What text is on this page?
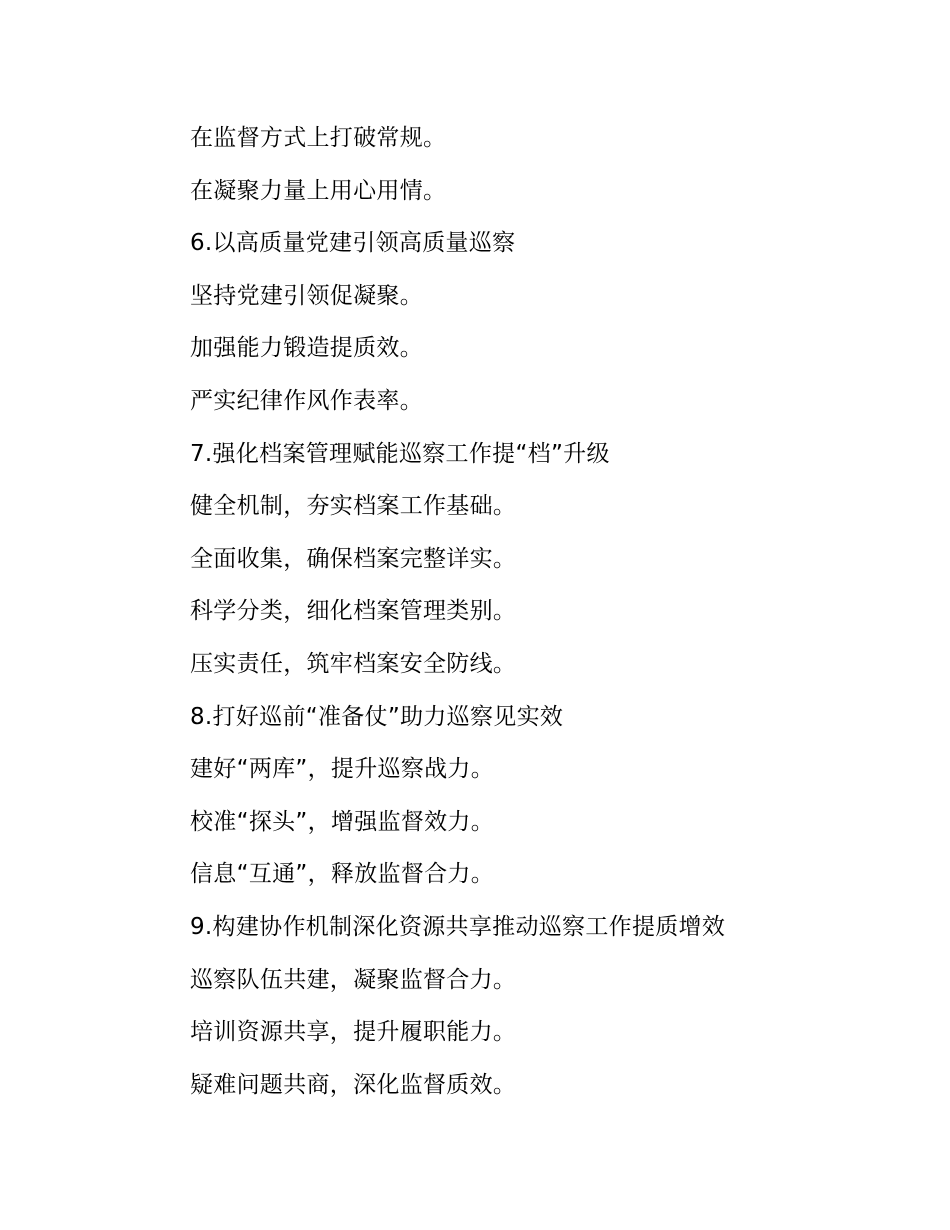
在监督方式上打破常规。
在凝聚力量上用心用情。
6.以高质量党建引领高质量巡察
坚持党建引领促凝聚。
加强能力锻造提质效。
严实纪律作风作表率。
7.强化档案管理赋能巡察工作提“档”升级
健全机制，夯实档案工作基础。
全面收集，确保档案完整详实。
科学分类，细化档案管理类别。
压实责任，筑牢档案安全防线。
8.打好巡前“准备仗”助力巡察见实效
建好“两库”，提升巡察战力。
校准“探头”，增强监督效力。
信息“互通”，释放监督合力。
9.构建协作机制深化资源共享推动巡察工作提质增效
巡察队伍共建，凝聚监督合力。
培训资源共享，提升履职能力。
疑难问题共商，深化监督质效。
